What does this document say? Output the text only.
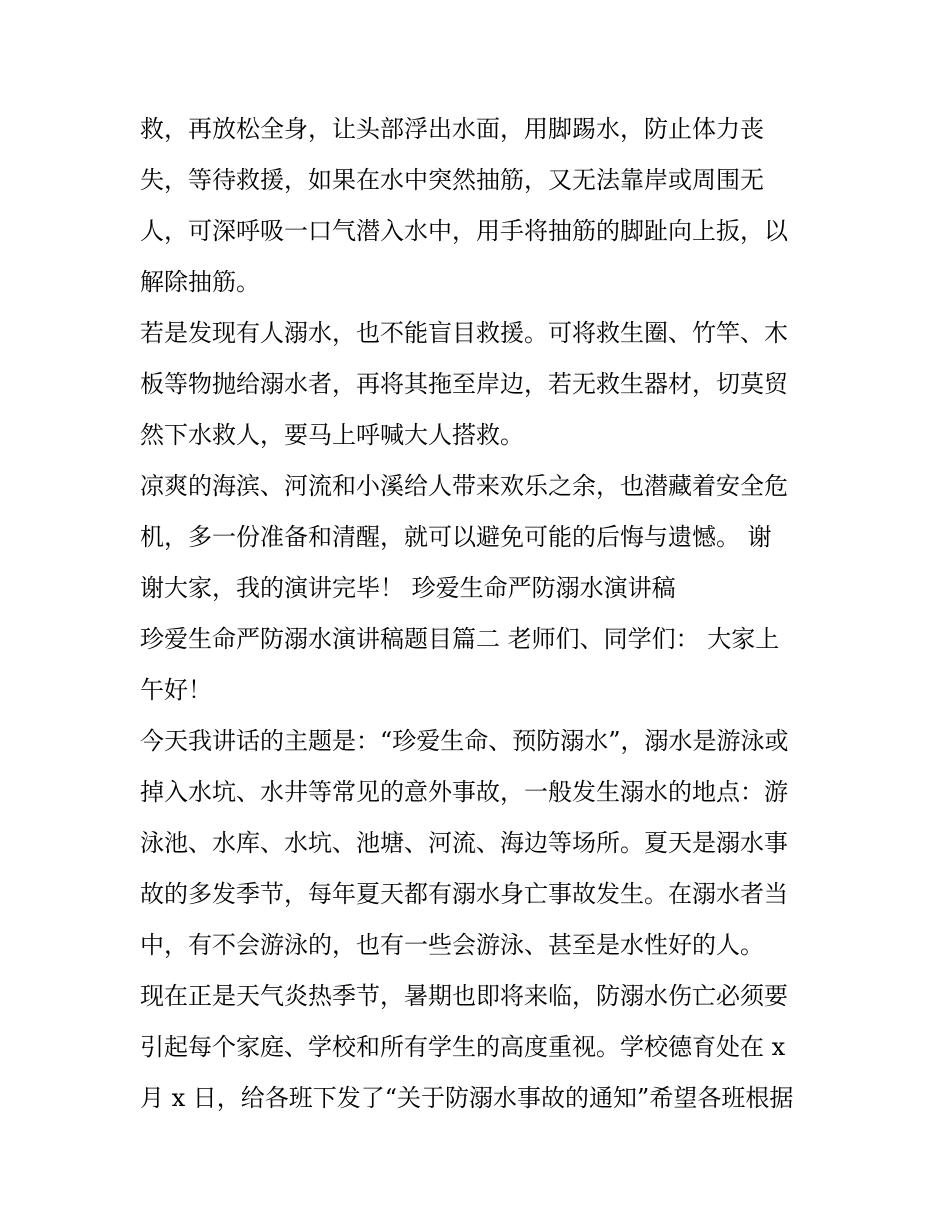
救，再放松全身，让头部浮出水面，用脚踢水，防止体力丧
失，等待救援，如果在水中突然抽筋，又无法靠岸或周围无
人，可深呼吸一口气潜入水中，用手将抽筋的脚趾向上扳，以
解除抽筋。
若是发现有人溺水，也不能盲目救援。可将救生圈、竹竿、木
板等物抛给溺水者，再将其拖至岸边，若无救生器材，切莫贸
然下水救人，要马上呼喊大人搭救。
凉爽的海滨、河流和小溪给人带来欢乐之余，也潜藏着安全危
机，多一份准备和清醒，就可以避免可能的后悔与遗憾。 谢
谢大家，我的演讲完毕！ 珍爱生命严防溺水演讲稿
珍爱生命严防溺水演讲稿题目篇二 老师们、同学们： 大家上
午好！
今天我讲话的主题是：“珍爱生命、预防溺水”，溺水是游泳或
掉入水坑、水井等常见的意外事故，一般发生溺水的地点：游
泳池、水库、水坑、池塘、河流、海边等场所。夏天是溺水事
故的多发季节，每年夏天都有溺水身亡事故发生。在溺水者当
中，有不会游泳的，也有一些会游泳、甚至是水性好的人。
现在正是天气炎热季节，暑期也即将来临，防溺水伤亡必须要
引起每个家庭、学校和所有学生的高度重视。学校德育处在 x
月 x 日，给各班下发了“关于防溺水事故的通知”希望各班根据
